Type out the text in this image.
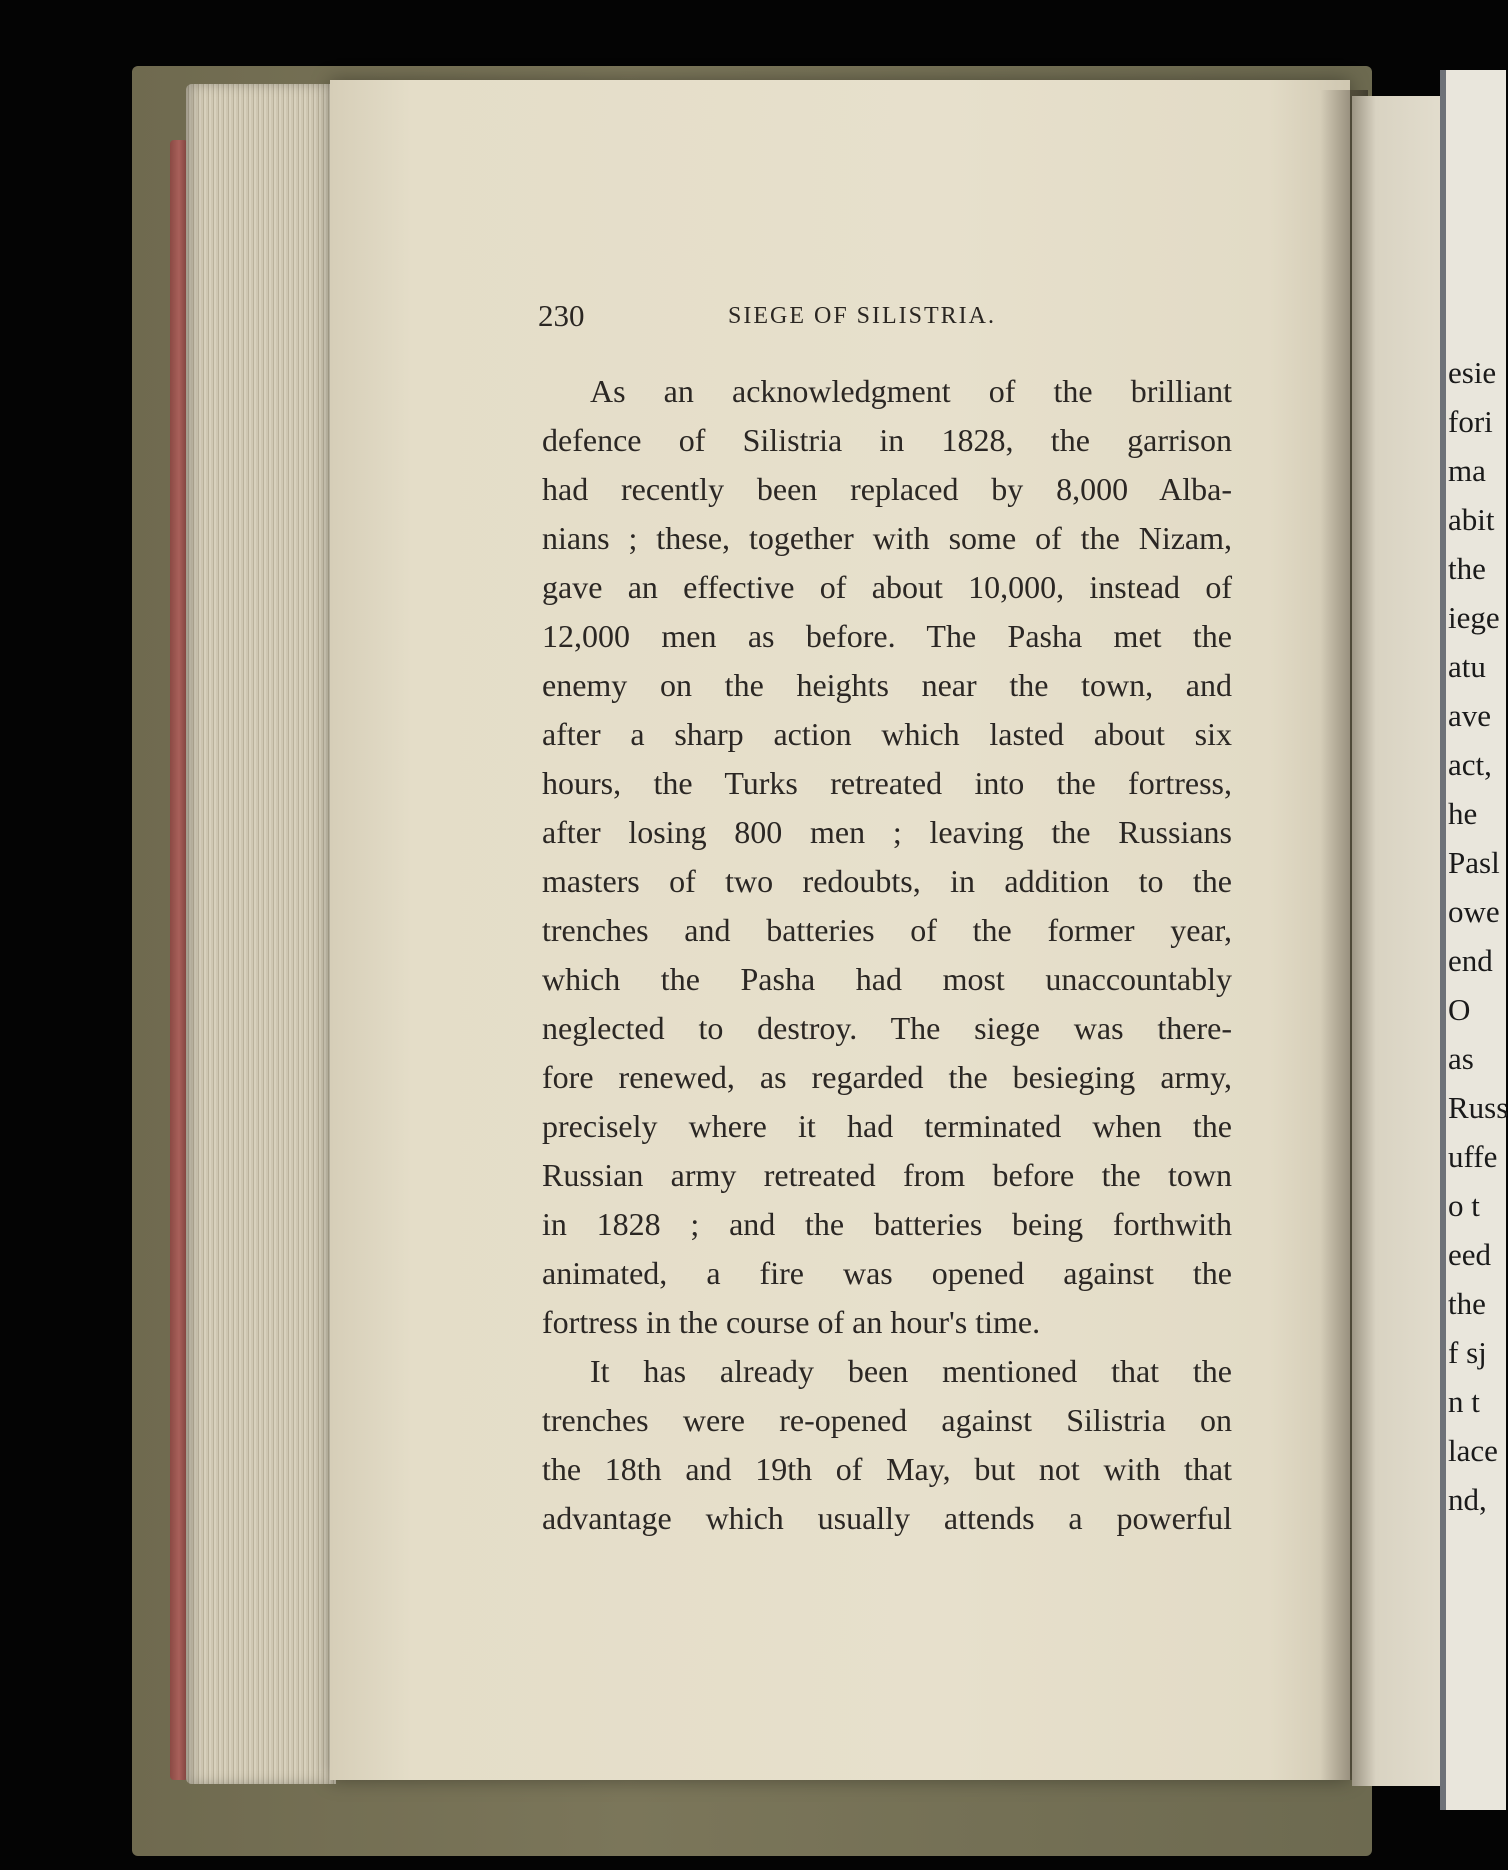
esie
fori
ma
abit
the
iege
atu
ave
act,
he
Pasl
owe
end
O
as
Russ
uffe
o t
eed
the
f sj
n t
lace
nd,
230	SIEGE OF SILISTRIA.
As an acknowledgment of the brilliant
defence of Silistria in 1828, the garrison
had recently been replaced by 8,000 Alba-
nians ; these, together with some of the Nizam,
gave an effective of about 10,000, instead of
12,000 men as before. The Pasha met the
enemy on the heights near the town, and
after a sharp action which lasted about six
hours, the Turks retreated into the fortress,
after losing 800 men ; leaving the Russians
masters of two redoubts, in addition to the
trenches and batteries of the former year,
which the Pasha had most unaccountably
neglected to destroy. The siege was there-
fore renewed, as regarded the besieging army,
precisely where it had terminated when the
Russian army retreated from before the town
in 1828 ; and the batteries being forthwith
animated, a fire was opened against the
fortress in the course of an hour's time.
It has already been mentioned that the
trenches were re-opened against Silistria on
the 18th and 19th of May, but not with that
advantage which usually attends a powerful
